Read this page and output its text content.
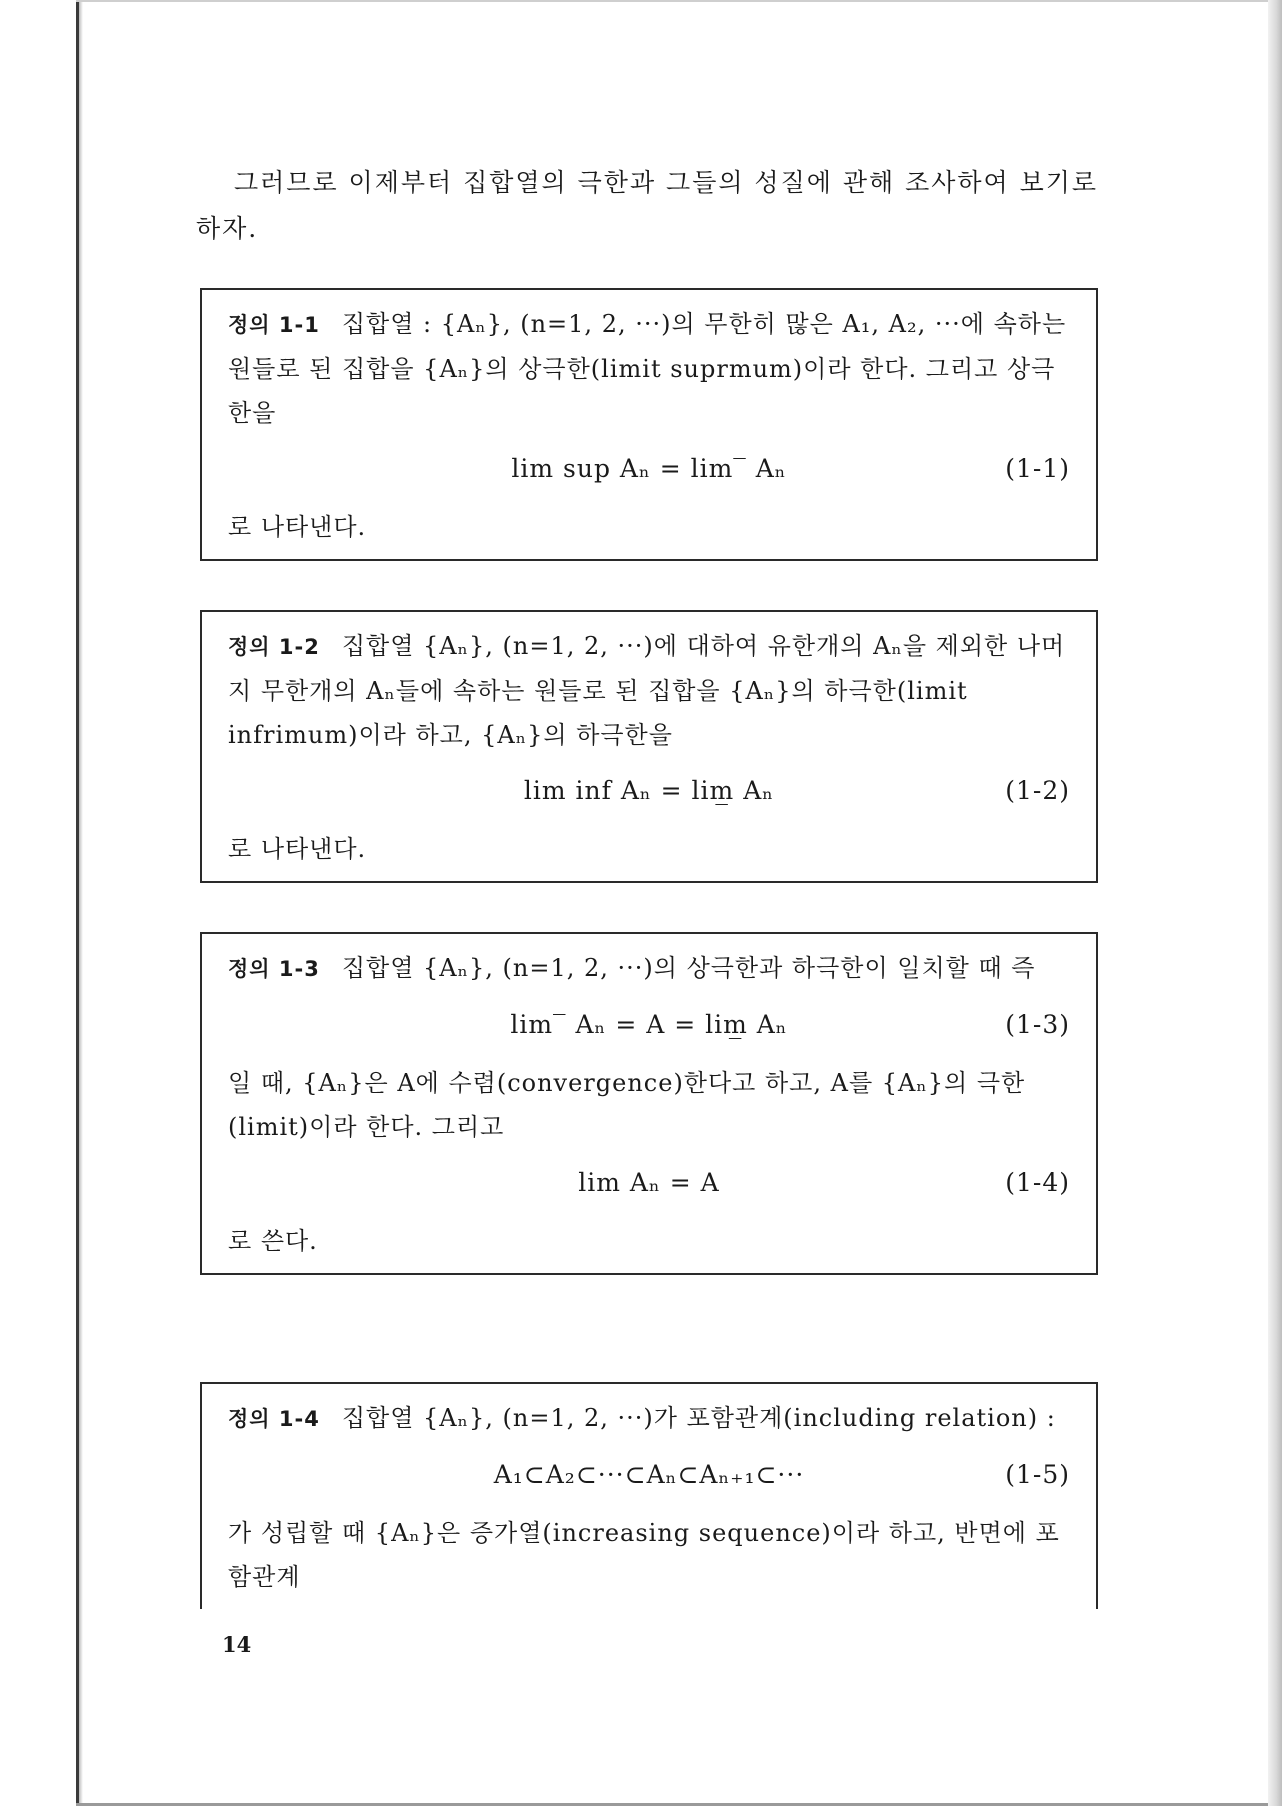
그러므로 이제부터 집합열의 극한과 그들의 성질에 관해 조사하여 보기로 하자.

정의 1-1 집합열 : {Aₙ}, (n=1, 2, ···)의 무한히 많은 A₁, A₂, ···에 속하는 원들로 된 집합을 {Aₙ}의 상극한(limit suprmum)이라 한다. 그리고 상극한을

lim sup Aₙ = lim‾ Aₙ	(1-1)

로 나타낸다.

정의 1-2 집합열 {Aₙ}, (n=1, 2, ···)에 대하여 유한개의 Aₙ을 제외한 나머지 무한개의 Aₙ들에 속하는 원들로 된 집합을 {Aₙ}의 하극한(limit infrimum)이라 하고, {Aₙ}의 하극한을

lim inf Aₙ = lim̲ Aₙ	(1-2)

로 나타낸다.

정의 1-3 집합열 {Aₙ}, (n=1, 2, ···)의 상극한과 하극한이 일치할 때 즉

lim‾ Aₙ = A = lim̲ Aₙ	(1-3)

일 때, {Aₙ}은 A에 수렴(convergence)한다고 하고, A를 {Aₙ}의 극한(limit)이라 한다. 그리고

lim Aₙ = A	(1-4)

로 쓴다.

정의 1-4 집합열 {Aₙ}, (n=1, 2, ···)가 포함관계(including relation) :

A₁⊂A₂⊂···⊂Aₙ⊂Aₙ₊₁⊂···	(1-5)

가 성립할 때 {Aₙ}은 증가열(increasing sequence)이라 하고, 반면에 포함관계

14
